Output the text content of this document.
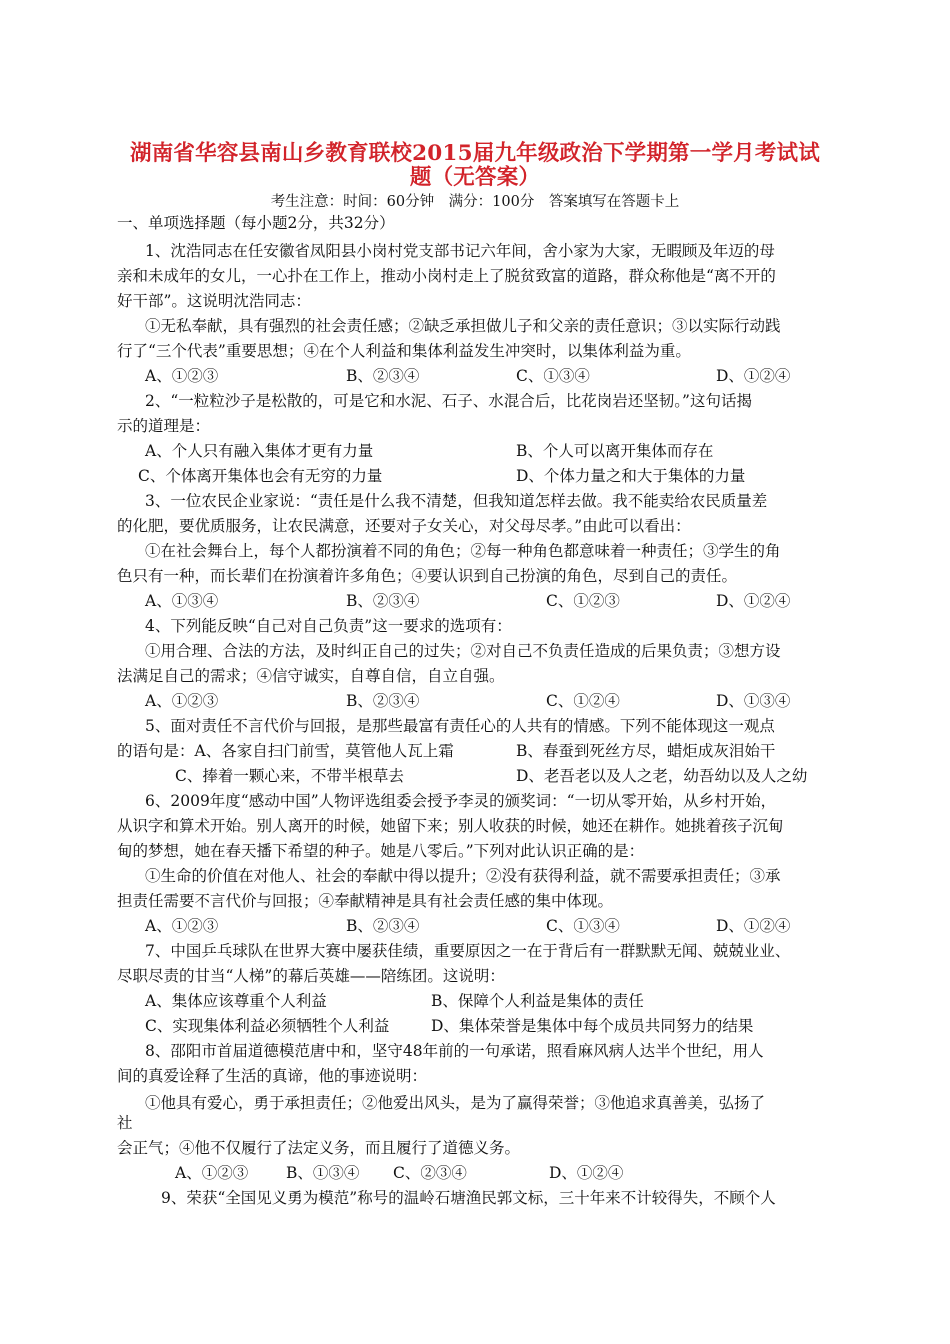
湖南省华容县南山乡教育联校2015届九年级政治下学期第一学月考试试
题（无答案）
考生注意：时间：60分钟　满分：100分　答案填写在答题卡上
一、单项选择题（每小题2分，共32分）
1、沈浩同志在任安徽省凤阳县小岗村党支部书记六年间，舍小家为大家，无暇顾及年迈的母
亲和未成年的女儿，一心扑在工作上，推动小岗村走上了脱贫致富的道路，群众称他是“离不开的
好干部”。这说明沈浩同志：
①无私奉献，具有强烈的社会责任感；②缺乏承担做儿子和父亲的责任意识；③以实际行动践
行了“三个代表”重要思想；④在个人利益和集体利益发生冲突时，以集体利益为重。
A、①②③	B、②③④	C、①③④	D、①②④
2、“一粒粒沙子是松散的，可是它和水泥、石子、水混合后，比花岗岩还坚韧。”这句话揭
示的道理是：
A、个人只有融入集体才更有力量	B、个人可以离开集体而存在
C、个体离开集体也会有无穷的力量	D、个体力量之和大于集体的力量
3、一位农民企业家说：“责任是什么我不清楚，但我知道怎样去做。我不能卖给农民质量差
的化肥，要优质服务，让农民满意，还要对子女关心，对父母尽孝。”由此可以看出：
①在社会舞台上，每个人都扮演着不同的角色；②每一种角色都意味着一种责任；③学生的角
色只有一种，而长辈们在扮演着许多角色；④要认识到自己扮演的角色，尽到自己的责任。
A、①③④	B、②③④	C、①②③	D、①②④
4、下列能反映“自己对自己负责”这一要求的选项有：
①用合理、合法的方法，及时纠正自己的过失；②对自己不负责任造成的后果负责；③想方设
法满足自己的需求；④信守诚实，自尊自信，自立自强。
A、①②③	B、②③④	C、①②④	D、①③④
5、面对责任不言代价与回报，是那些最富有责任心的人共有的情感。下列不能体现这一观点
的语句是：A、各家自扫门前雪，莫管他人瓦上霜	B、春蚕到死丝方尽，蜡炬成灰泪始干
C、捧着一颗心来，不带半根草去	D、老吾老以及人之老，幼吾幼以及人之幼
6、2009年度“感动中国”人物评选组委会授予李灵的颁奖词：“一切从零开始，从乡村开始，
从识字和算术开始。别人离开的时候，她留下来；别人收获的时候，她还在耕作。她挑着孩子沉甸
甸的梦想，她在春天播下希望的种子。她是八零后。”下列对此认识正确的是：
①生命的价值在对他人、社会的奉献中得以提升；②没有获得利益，就不需要承担责任；③承
担责任需要不言代价与回报；④奉献精神是具有社会责任感的集中体现。
A、①②③	B、②③④	C、①③④	D、①②④
7、中国乒乓球队在世界大赛中屡获佳绩，重要原因之一在于背后有一群默默无闻、兢兢业业、
尽职尽责的甘当“人梯”的幕后英雄——陪练团。这说明：
A、集体应该尊重个人利益	B、保障个人利益是集体的责任
C、实现集体利益必须牺牲个人利益	D、集体荣誉是集体中每个成员共同努力的结果
8、邵阳市首届道德模范唐中和，坚守48年前的一句承诺，照看麻风病人达半个世纪，用人
间的真爱诠释了生活的真谛，他的事迹说明：
①他具有爱心，勇于承担责任；②他爱出风头，是为了赢得荣誉；③他追求真善美，弘扬了
社
会正气；④他不仅履行了法定义务，而且履行了道德义务。
A、①②③ B、①③④ C、②③④	D、①②④
9、荣获“全国见义勇为模范”称号的温岭石塘渔民郭文标，三十年来不计较得失，不顾个人
